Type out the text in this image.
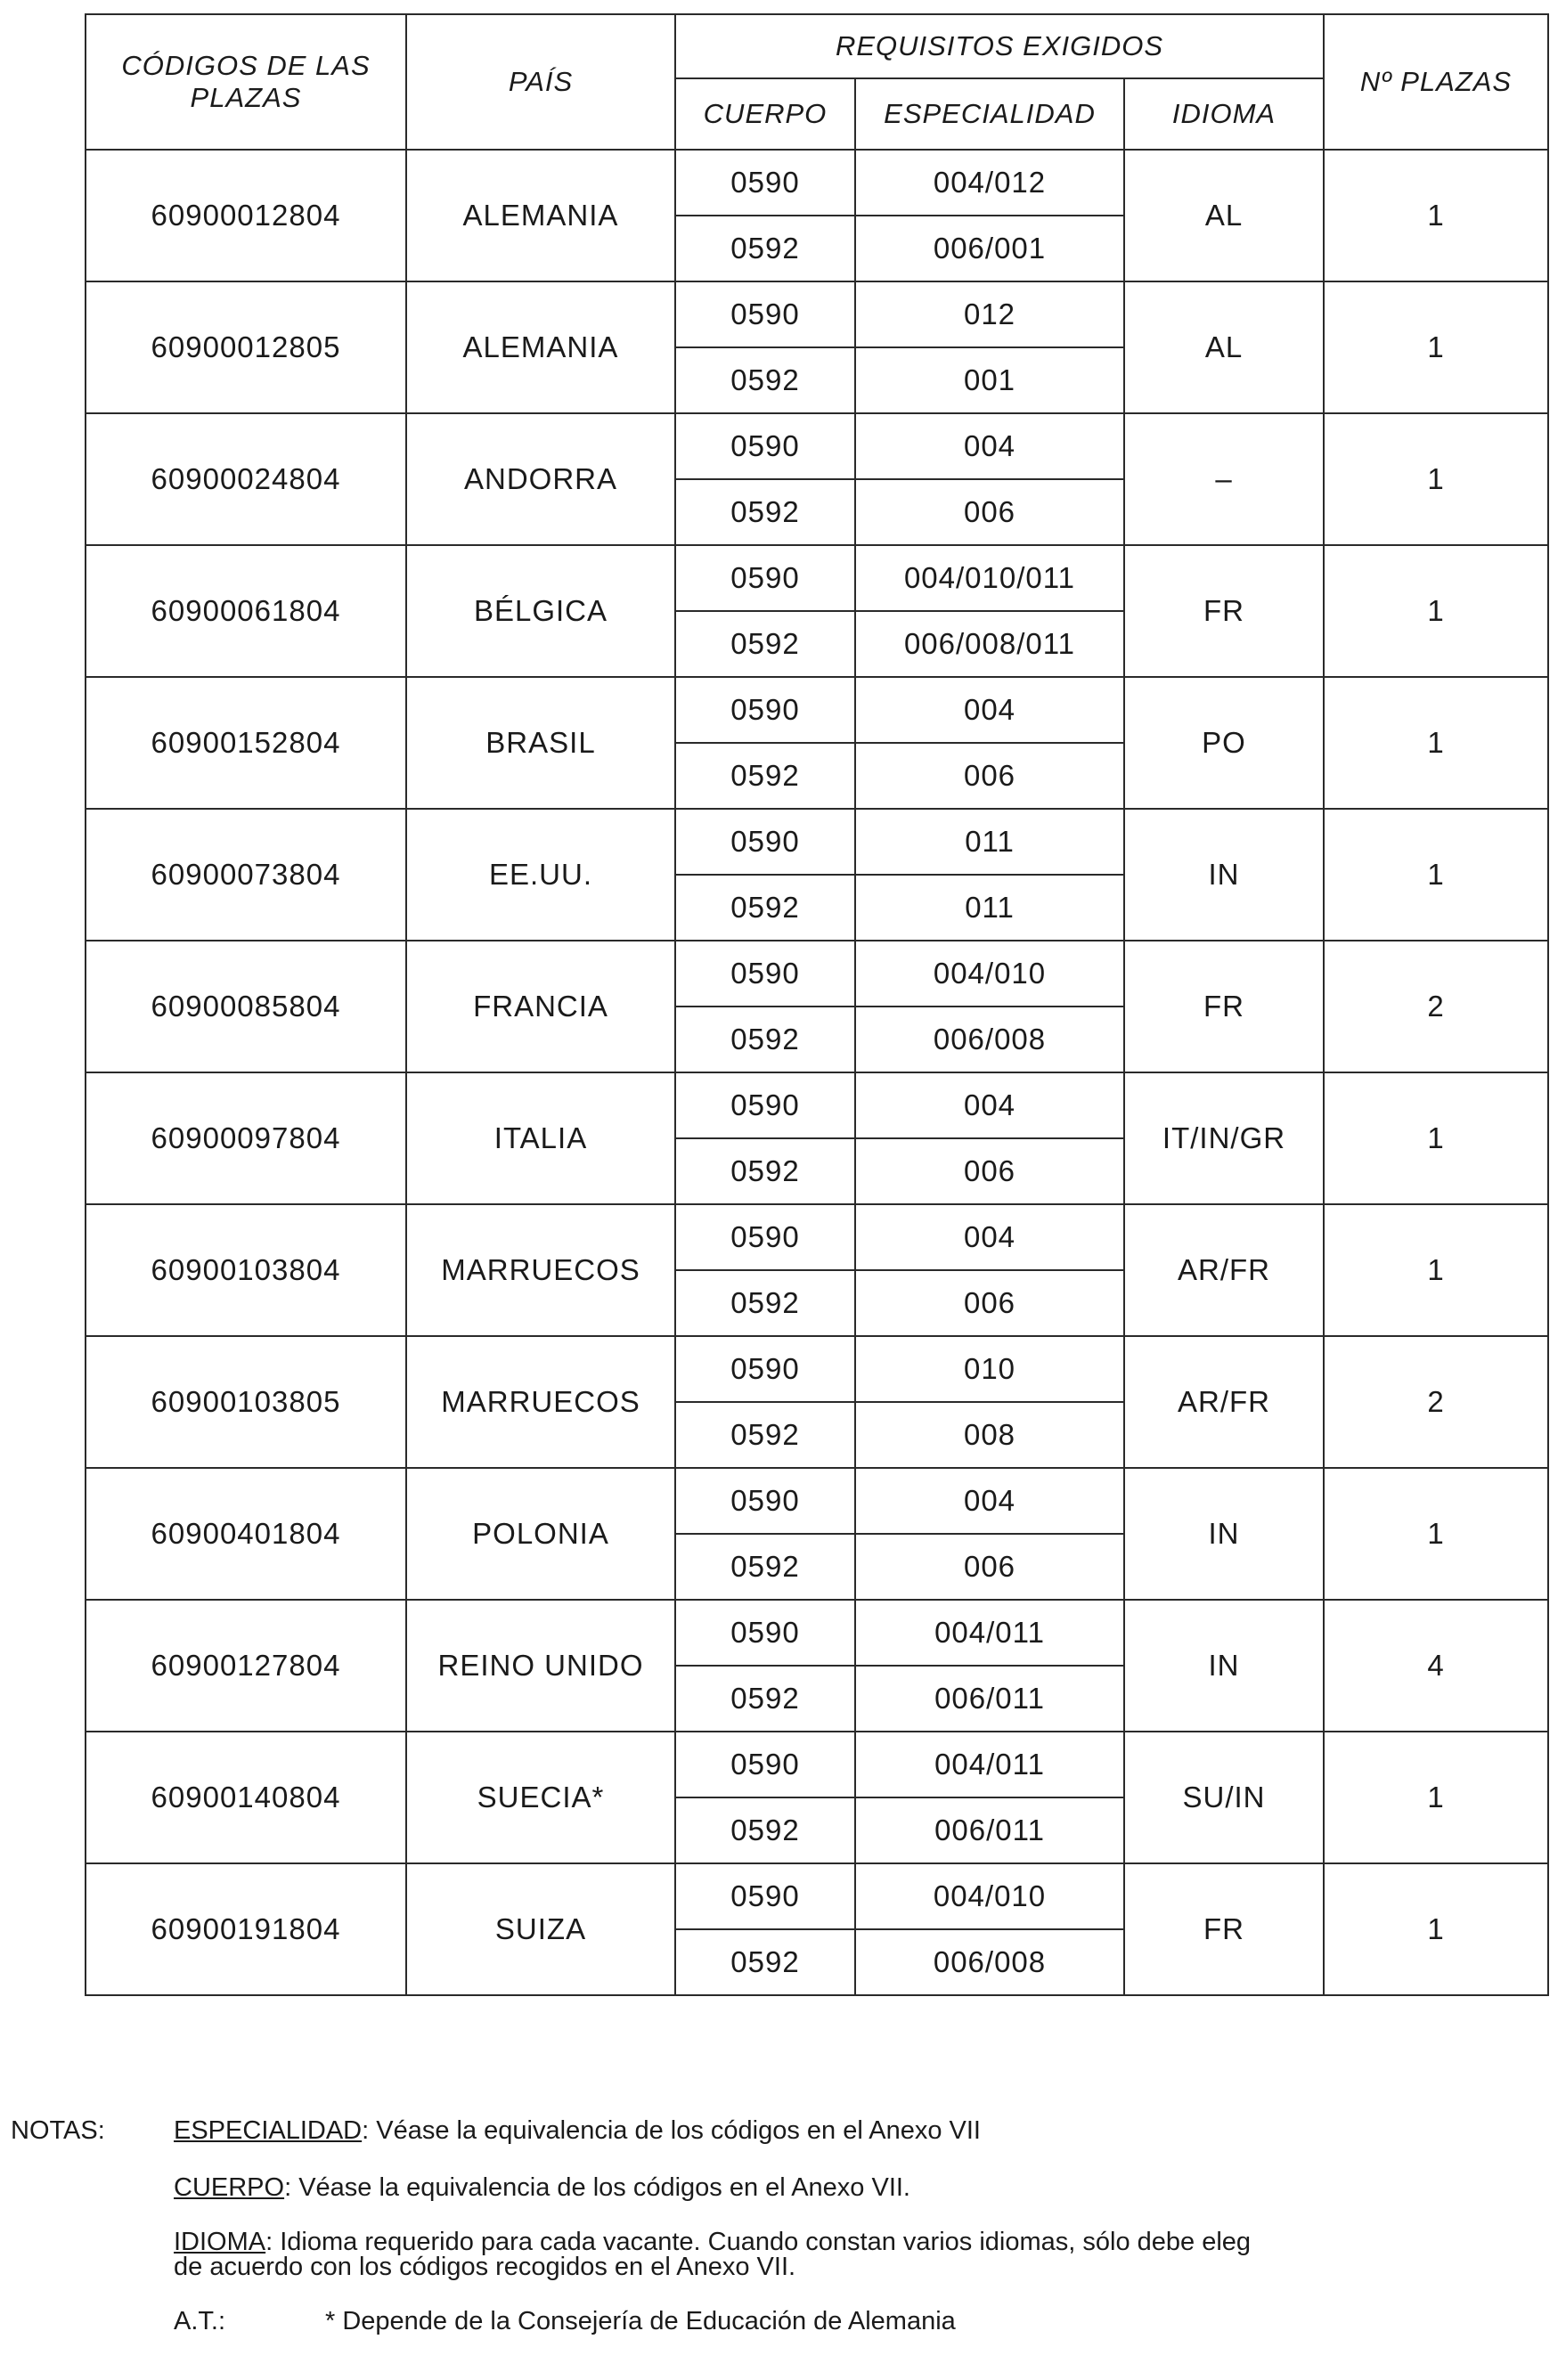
CÓDIGOS DE LAS PLAZAS	PAÍS	REQUISITOS EXIGIDOS			Nº PLAZAS
		CUERPO	ESPECIALIDAD	IDIOMA	
60900012804	ALEMANIA	0590	004/012	AL	1
		0592	006/001		
60900012805	ALEMANIA	0590	012	AL	1
		0592	001		
60900024804	ANDORRA	0590	004	–	1
		0592	006		
60900061804	BÉLGICA	0590	004/010/011	FR	1
		0592	006/008/011		
60900152804	BRASIL	0590	004	PO	1
		0592	006		
60900073804	EE.UU.	0590	011	IN	1
		0592	011		
60900085804	FRANCIA	0590	004/010	FR	2
		0592	006/008		
60900097804	ITALIA	0590	004	IT/IN/GR	1
		0592	006		
60900103804	MARRUECOS	0590	004	AR/FR	1
		0592	006		
60900103805	MARRUECOS	0590	010	AR/FR	2
		0592	008		
60900401804	POLONIA	0590	004	IN	1
		0592	006		
60900127804	REINO UNIDO	0590	004/011	IN	4
		0592	006/011		
60900140804	SUECIA*	0590	004/011	SU/IN	1
		0592	006/011		
60900191804	SUIZA	0590	004/010	FR	1
		0592	006/008		
NOTAS:	ESPECIALIDAD: Véase la equivalencia de los códigos en el Anexo VII
CUERPO: Véase la equivalencia de los códigos en el Anexo VII.
IDIOMA: Idioma requerido para cada vacante. Cuando constan varios idiomas, sólo debe eleg
de acuerdo con los códigos recogidos en el Anexo VII.
A.T.:	* Depende de la Consejería de Educación de Alemania
